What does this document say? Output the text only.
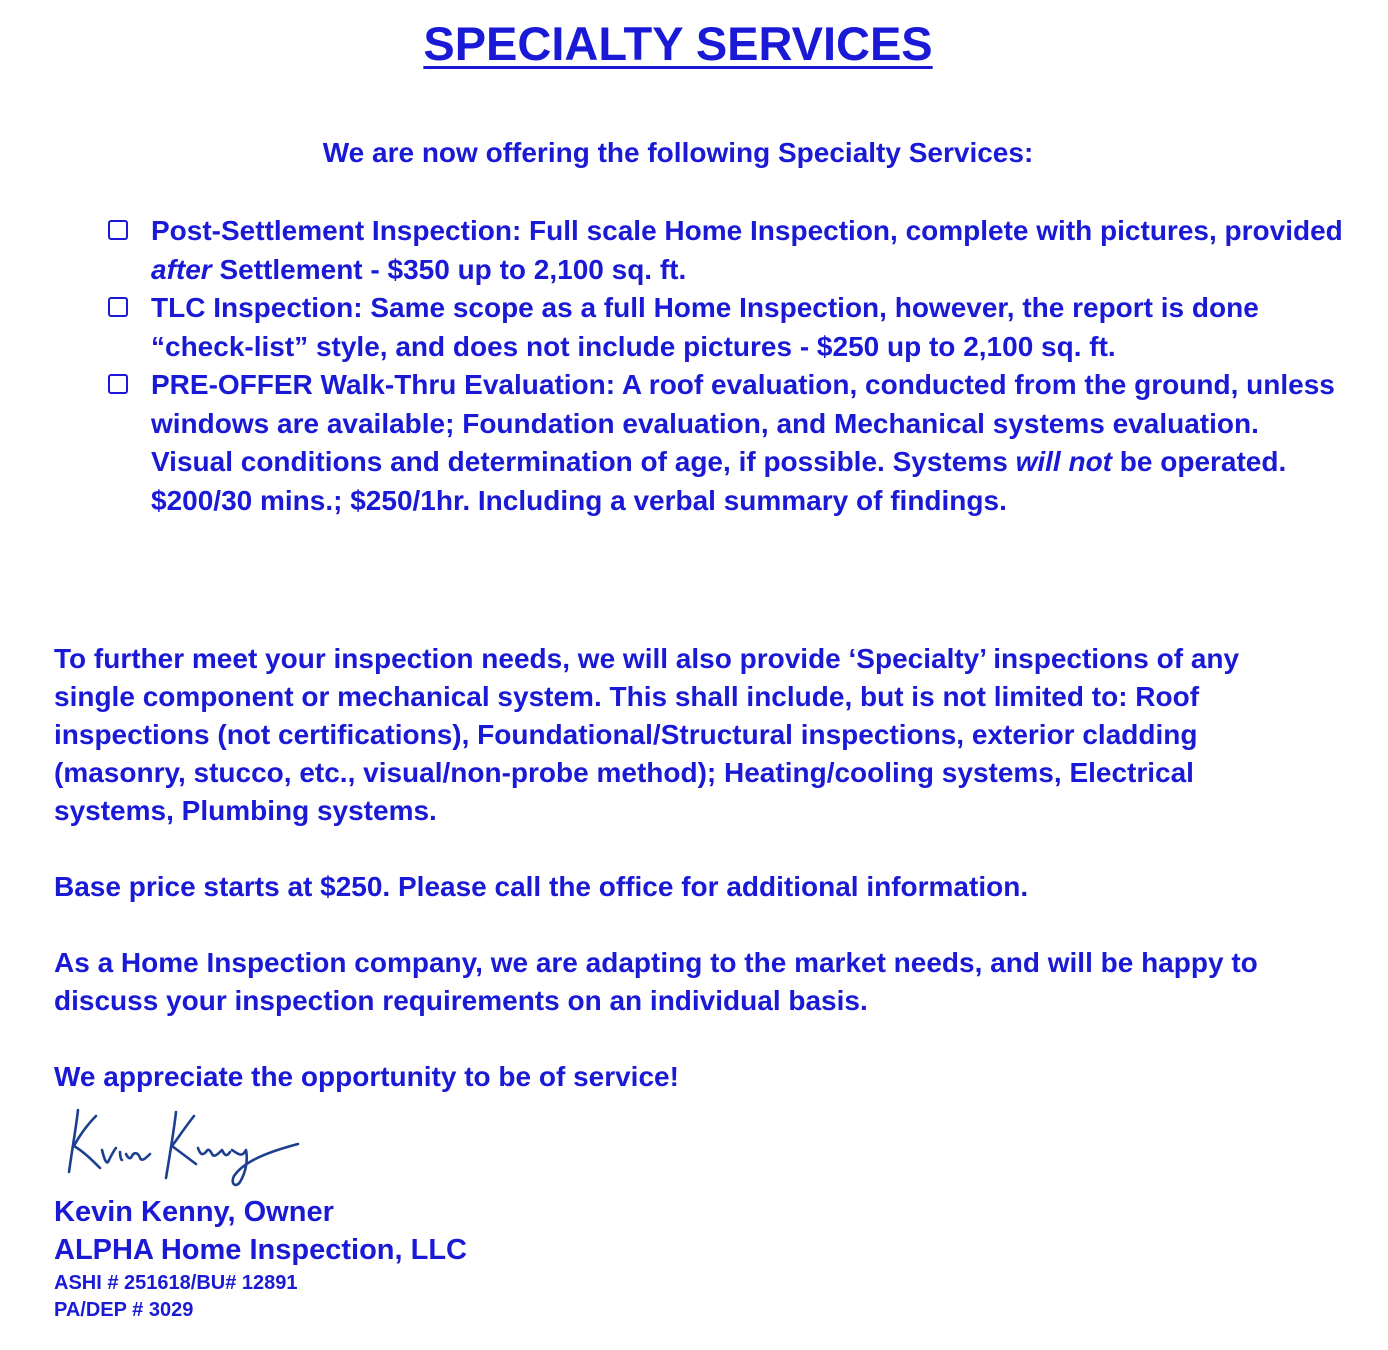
SPECIALTY SERVICES

We are now offering the following Specialty Services:

Post-Settlement Inspection: Full scale Home Inspection, complete with pictures, provided after Settlement - $350 up to 2,100 sq. ft.
TLC Inspection: Same scope as a full Home Inspection, however, the report is done “check-list” style, and does not include pictures - $250 up to 2,100 sq. ft.
PRE-OFFER Walk-Thru Evaluation: A roof evaluation, conducted from the ground, unless windows are available; Foundation evaluation, and Mechanical systems evaluation. Visual conditions and determination of age, if possible. Systems will not be operated. $200/30 mins.; $250/1hr. Including a verbal summary of findings.

To further meet your inspection needs, we will also provide ‘Specialty’ inspections of any single component or mechanical system. This shall include, but is not limited to: Roof inspections (not certifications), Foundational/Structural inspections, exterior cladding (masonry, stucco, etc., visual/non-probe method); Heating/cooling systems, Electrical systems, Plumbing systems.

Base price starts at $250. Please call the office for additional information.

As a Home Inspection company, we are adapting to the market needs, and will be happy to discuss your inspection requirements on an individual basis.

We appreciate the opportunity to be of service!

Kevin Kenny, Owner

ALPHA Home Inspection, LLC

ASHI # 251618/BU# 12891

PA/DEP # 3029
